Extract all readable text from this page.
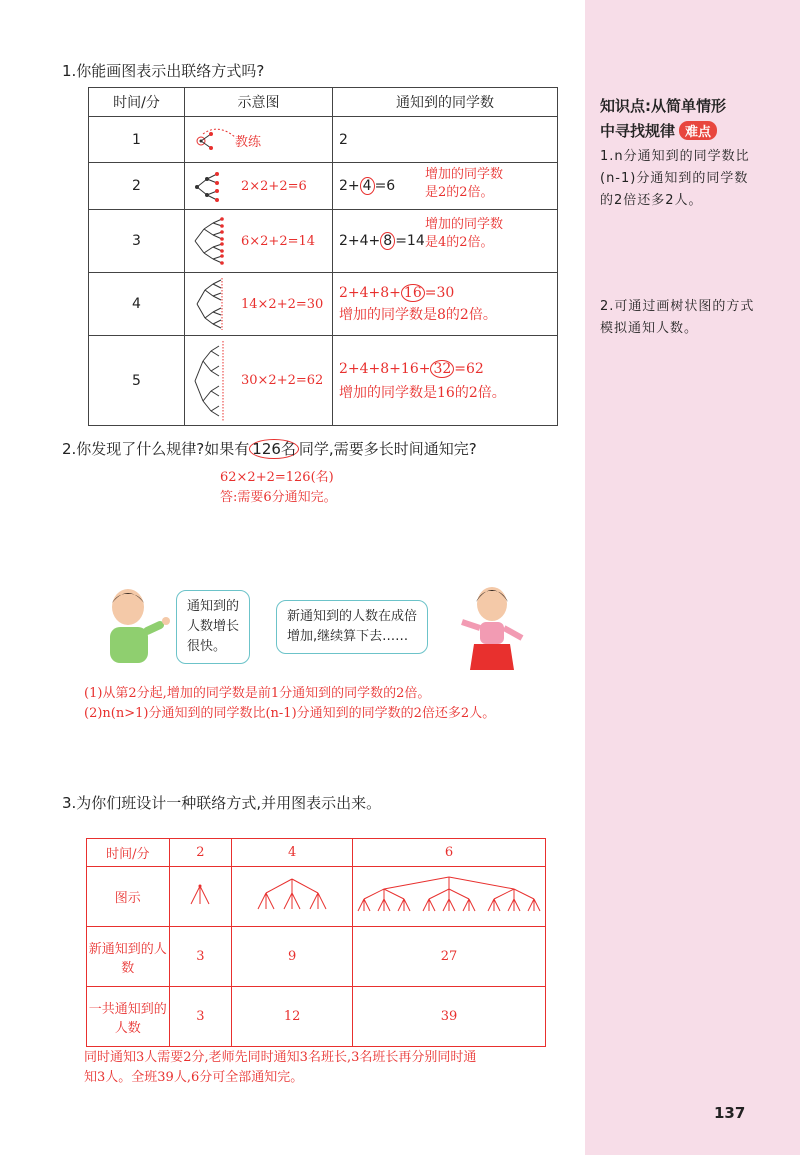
1.你能画图表示出联络方式吗?
时间/分	示意图	通知到的同学数
1	教练	2
2	2×2+2=6	2+ 4 =6
增加的同学数
是2的2倍。

3	6×2+2=14	2+4+ 8 =14
增加的同学数
是4的2倍。

4	14×2+2=30	2+4+8+ 16 =30
增加的同学数是8的2倍。

5	30×2+2=62	2+4+8+16+ 32 =62
增加的同学数是16的2倍。
2.你发现了什么规律?如果有 126名 同学,需要多长时间通知完?
62×2+2=126(名)
答:需要6分通知完。
通知到的
人数增长
很快。
新通知到的人数在成倍
增加,继续算下去……
(1)从第2分起,增加的同学数是前1分通知到的同学数的2倍。
(2)n(n>1)分通知到的同学数比(n-1)分通知到的同学数的2倍还多2人。
3.为你们班设计一种联络方式,并用图表示出来。
时间/分	2	4	6
图示			
新通知到的人数	3	9	27
一共通知到的人数	3	12	39
同时通知3人需要2分,老师先同时通知3名班长,3名班长再分别同时通
知3人。全班39人,6分可全部通知完。
知识点:从简单情形
中寻找规律 难点
1.n分通知到的同学数比(n-1)分通知到的同学数的2倍还多2人。
2.可通过画树状图的方式模拟通知人数。
137
